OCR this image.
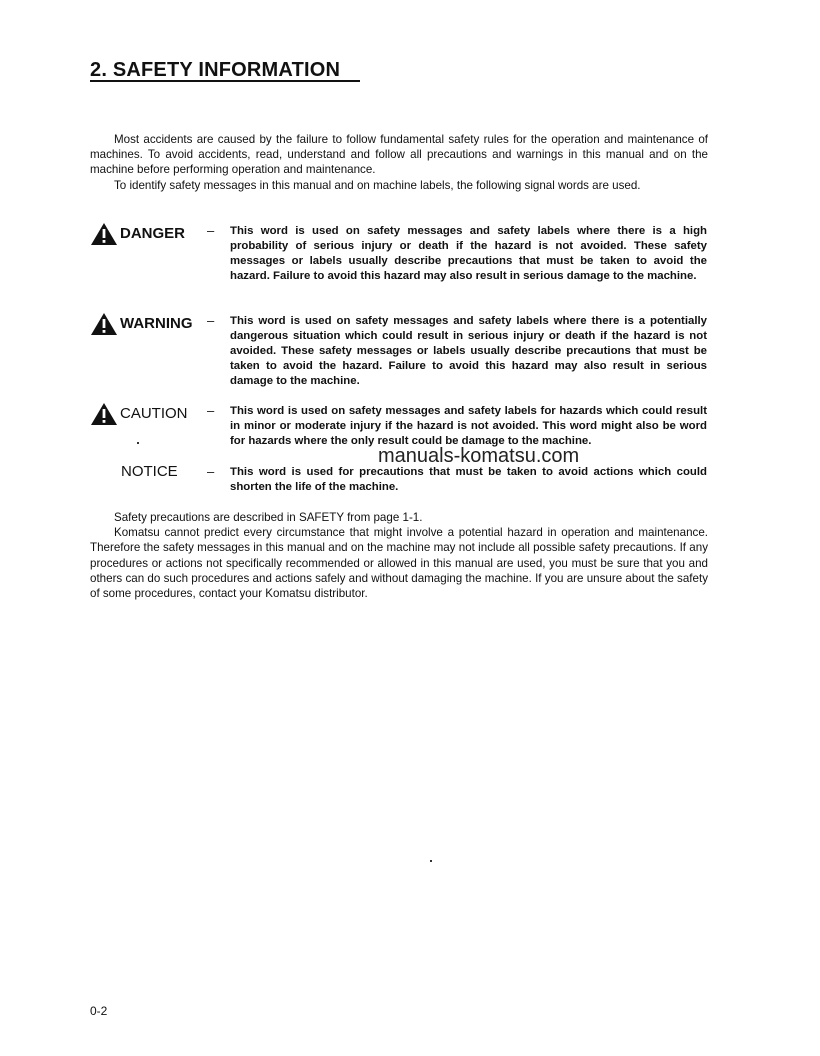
2. SAFETY INFORMATION

Most accidents are caused by the failure to follow fundamental safety rules for the operation and maintenance of machines. To avoid accidents, read, understand and follow all precautions and warnings in this manual and on the machine before performing operation and maintenance.

To identify safety messages in this manual and on machine labels, the following signal words are used.

DANGER – This word is used on safety messages and safety labels where there is a high probability of serious injury or death if the hazard is not avoided. These safety messages or labels usually describe precautions that must be taken to avoid the hazard. Failure to avoid this hazard may also result in serious damage to the machine.
WARNING – This word is used on safety messages and safety labels where there is a potentially dangerous situation which could result in serious injury or death if the hazard is not avoided. These safety messages or labels usually describe precautions that must be taken to avoid the hazard. Failure to avoid this hazard may also result in serious damage to the machine.
CAUTION – This word is used on safety messages and safety labels for hazards which could result in minor or moderate injury if the hazard is not avoided. This word might also be word for hazards where the only result could be damage to the machine.
NOTICE – This word is used for precautions that must be taken to avoid actions which could shorten the life of the machine.
manuals-komatsu.com

Safety precautions are described in SAFETY from page 1-1.

Komatsu cannot predict every circumstance that might involve a potential hazard in operation and maintenance. Therefore the safety messages in this manual and on the machine may not include all possible safety precautions. If any procedures or actions not specifically recommended or allowed in this manual are used, you must be sure that you and others can do such procedures and actions safely and without damaging the machine. If you are unsure about the safety of some procedures, contact your Komatsu distributor.

0-2
